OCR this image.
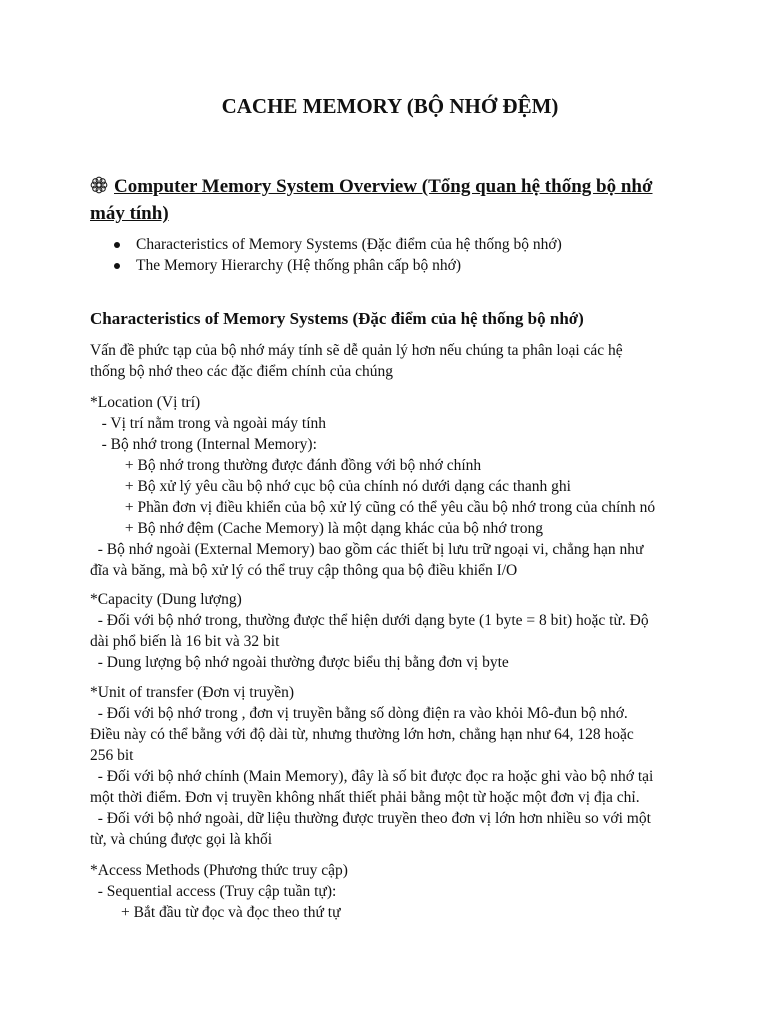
CACHE MEMORY (BỘ NHỚ ĐỆM)
Computer Memory System Overview (Tổng quan hệ thống bộ nhớ
máy tính)
Characteristics of Memory Systems (Đặc điểm của hệ thống bộ nhớ)
The Memory Hierarchy (Hệ thống phân cấp bộ nhớ)
Characteristics of Memory Systems (Đặc điểm của hệ thống bộ nhớ)
Vấn đề phức tạp của bộ nhớ máy tính sẽ dễ quản lý hơn nếu chúng ta phân loại các hệ
thống bộ nhớ theo các đặc điểm chính của chúng
*Location (Vị trí)
- Vị trí nằm trong và ngoài máy tính
- Bộ nhớ trong (Internal Memory):
+ Bộ nhớ trong thường được đánh đồng với bộ nhớ chính
+ Bộ xử lý yêu cầu bộ nhớ cục bộ của chính nó dưới dạng các thanh ghi
+ Phần đơn vị điều khiển của bộ xử lý cũng có thể yêu cầu bộ nhớ trong của chính nó
+ Bộ nhớ đệm (Cache Memory) là một dạng khác của bộ nhớ trong
- Bộ nhớ ngoài (External Memory) bao gồm các thiết bị lưu trữ ngoại vi, chẳng hạn như
đĩa và băng, mà bộ xử lý có thể truy cập thông qua bộ điều khiển I/O
*Capacity (Dung lượng)
- Đối với bộ nhớ trong, thường được thể hiện dưới dạng byte (1 byte = 8 bit) hoặc từ. Độ
dài phổ biến là 16 bit và 32 bit
- Dung lượng bộ nhớ ngoài thường được biểu thị bằng đơn vị byte
*Unit of transfer (Đơn vị truyền)
- Đối với bộ nhớ trong , đơn vị truyền bằng số dòng điện ra vào khỏi Mô-đun bộ nhớ.
Điều này có thể bằng với độ dài từ, nhưng thường lớn hơn, chẳng hạn như 64, 128 hoặc
256 bit
- Đối với bộ nhớ chính (Main Memory), đây là số bit được đọc ra hoặc ghi vào bộ nhớ tại
một thời điểm. Đơn vị truyền không nhất thiết phải bằng một từ hoặc một đơn vị địa chỉ.
- Đối với bộ nhớ ngoài, dữ liệu thường được truyền theo đơn vị lớn hơn nhiều so với một
từ, và chúng được gọi là khối
*Access Methods (Phương thức truy cập)
- Sequential access (Truy cập tuần tự):
+ Bắt đầu từ đọc và đọc theo thứ tự
